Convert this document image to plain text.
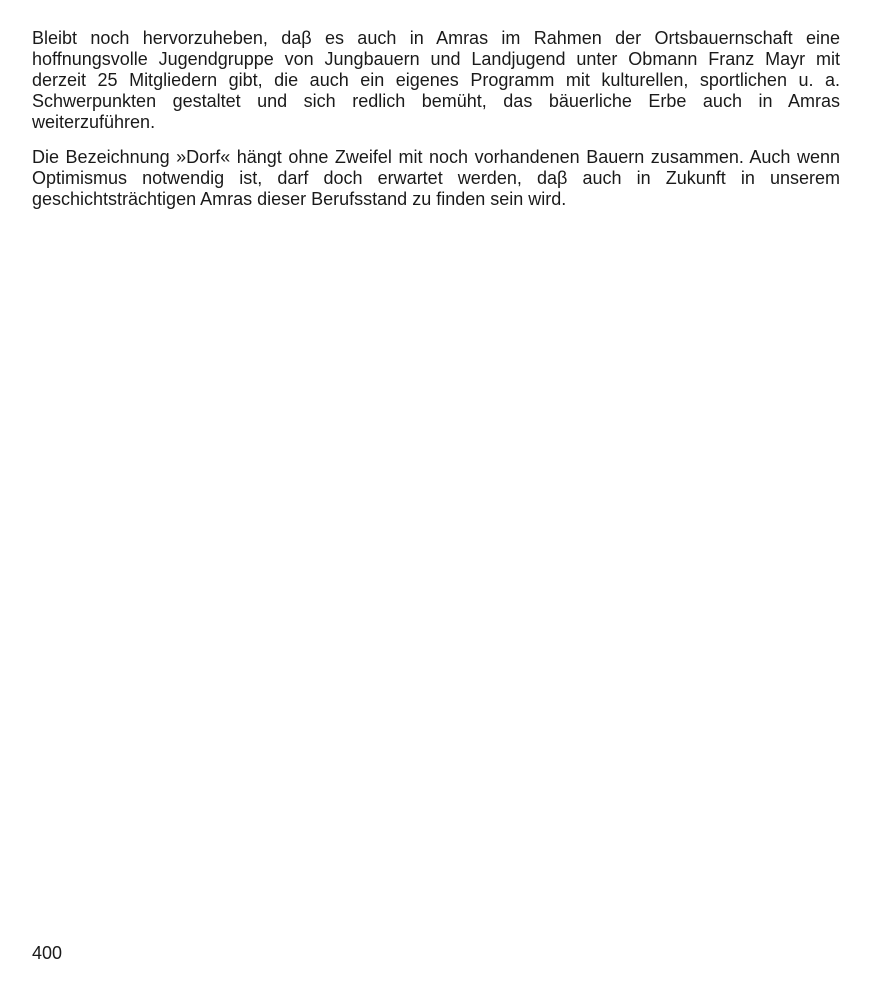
Bleibt noch hervorzuheben, daβ es auch in Amras im Rahmen der Ortsbauernschaft eine hoffnungsvolle Jugendgruppe von Jungbauern und Landjugend unter Obmann Franz Mayr mit derzeit 25 Mitgliedern gibt, die auch ein eigenes Programm mit kulturellen, sportlichen u. a. Schwerpunkten gestaltet und sich redlich bemüht, das bäuerliche Erbe auch in Amras weiterzuführen.

Die Bezeichnung »Dorf« hängt ohne Zweifel mit noch vorhandenen Bauern zusammen. Auch wenn Optimismus notwendig ist, darf doch erwartet werden, daβ auch in Zukunft in unserem geschichtsträchtigen Amras dieser Berufsstand zu finden sein wird.

400
